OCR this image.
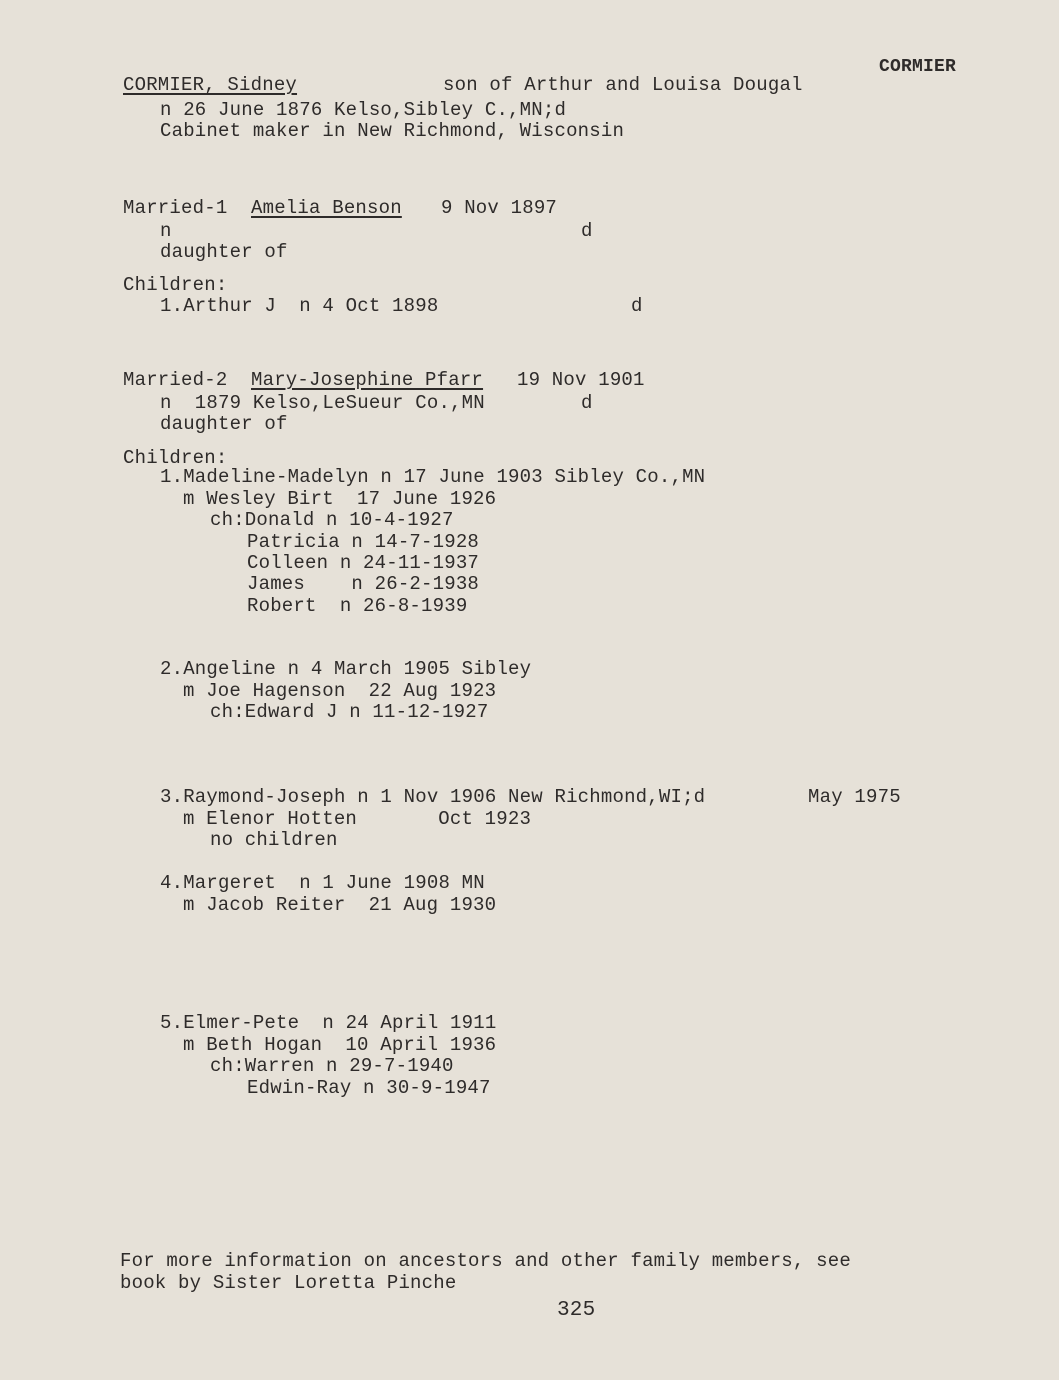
CORMIER
CORMIER, Sidney	son of Arthur and Louisa Dougal
n 26 June 1876 Kelso,Sibley C.,MN;d
Cabinet maker in New Richmond, Wisconsin
Married-1 Amelia Benson 9 Nov 1897
n	d
daughter of
Children:
1.Arthur J  n 4 Oct 1898	d
Married-2 Mary-Josephine Pfarr 19 Nov 1901
n  1879 Kelso,LeSueur Co.,MN	d
daughter of
Children:
1.Madeline-Madelyn n 17 June 1903 Sibley Co.,MN
m Wesley Birt  17 June 1926
ch:Donald n 10-4-1927
Patricia n 14-7-1928
Colleen n 24-11-1937
James    n 26-2-1938
Robert  n 26-8-1939
2.Angeline n 4 March 1905 Sibley
m Joe Hagenson  22 Aug 1923
ch:Edward J n 11-12-1927
3.Raymond-Joseph n 1 Nov 1906 New Richmond,WI;d	May 1975
m Elenor Hotten       Oct 1923
no children
4.Margeret  n 1 June 1908 MN
m Jacob Reiter  21 Aug 1930
5.Elmer-Pete  n 24 April 1911
m Beth Hogan  10 April 1936
ch:Warren n 29-7-1940
Edwin-Ray n 30-9-1947
For more information on ancestors and other family members, see
book by Sister Loretta Pinche
325
